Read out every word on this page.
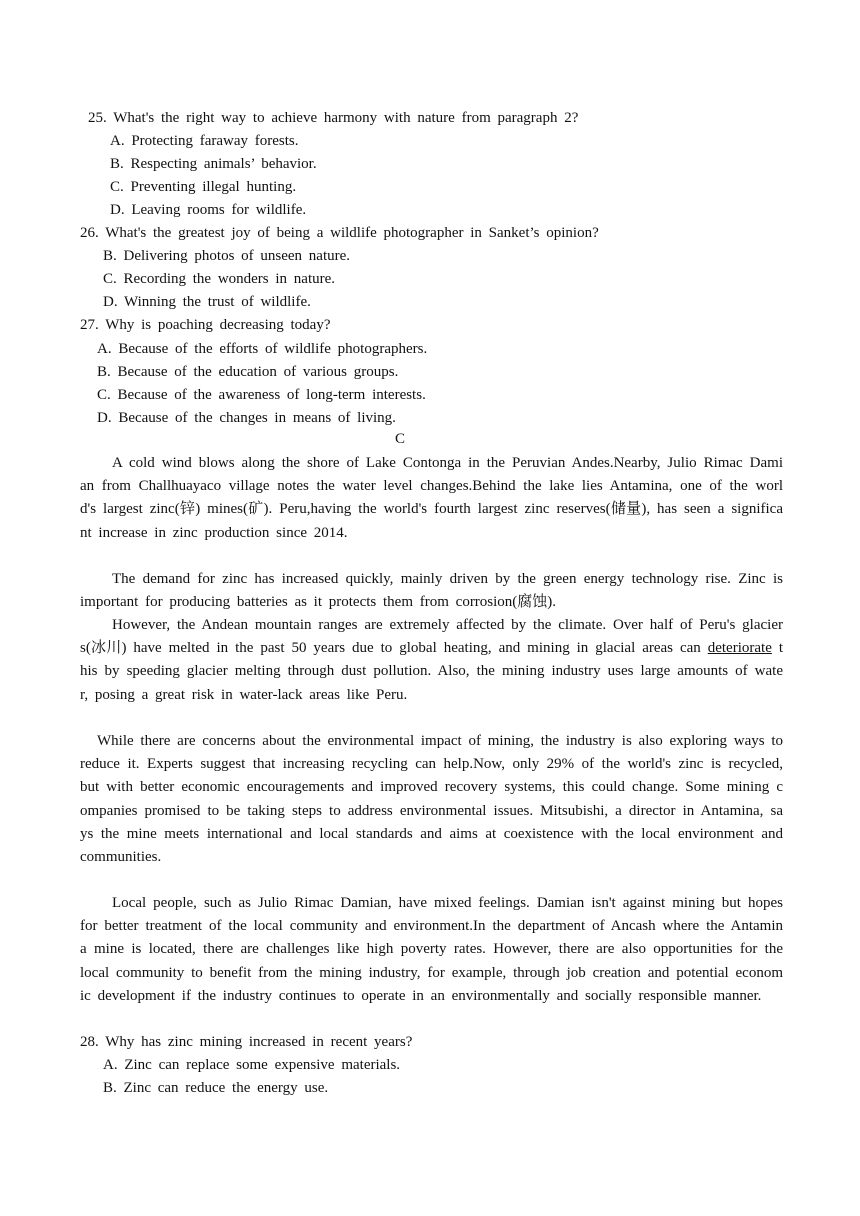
25. What's the right way to achieve harmony with nature from paragraph 2?
A. Protecting faraway forests.
B. Respecting animals’ behavior.
C. Preventing illegal hunting.
D. Leaving rooms for wildlife.
26. What's the greatest joy of being a wildlife photographer in Sanket’s opinion?
B. Delivering photos of unseen nature.
C. Recording the wonders in nature.
D. Winning the trust of wildlife.
27. Why is poaching decreasing today?
A. Because of the efforts of wildlife photographers.
B. Because of the education of various groups.
C. Because of the awareness of long-term interests.
D. Because of the changes in means of living.
C
A cold wind blows along the shore of Lake Contonga in the Peruvian Andes.Nearby, Julio Rimac Damian from Challhuayaco village notes the water level changes.Behind the lake lies Antamina, one of the world's largest zinc(锌) mines(矿). Peru,having the world's fourth largest zinc reserves(储量), has seen a significant increase in zinc production since 2014.
The demand for zinc has increased quickly, mainly driven by the green energy technology rise. Zinc is important for producing batteries as it protects them from corrosion(腐蚀).
However, the Andean mountain ranges are extremely affected by the climate. Over half of Peru's glaciers(冰川) have melted in the past 50 years due to global heating, and mining in glacial areas can deteriorate this by speeding glacier melting through dust pollution. Also, the mining industry uses large amounts of water, posing a great risk in water-lack areas like Peru.
While there are concerns about the environmental impact of mining, the industry is also exploring ways to reduce it. Experts suggest that increasing recycling can help.Now, only 29% of the world's zinc is recycled, but with better economic encouragements and improved recovery systems, this could change. Some mining companies promised to be taking steps to address environmental issues. Mitsubishi, a director in Antamina, says the mine meets international and local standards and aims at coexistence with the local environment and communities.
Local people, such as Julio Rimac Damian, have mixed feelings. Damian isn't against mining but hopes for better treatment of the local community and environment.In the department of Ancash where the Antamina mine is located, there are challenges like high poverty rates. However, there are also opportunities for the local community to benefit from the mining industry, for example, through job creation and potential economic development if the industry continues to operate in an environmentally and socially responsible manner.
28. Why has zinc mining increased in recent years?
A. Zinc can replace some expensive materials.
B. Zinc can reduce the energy use.
